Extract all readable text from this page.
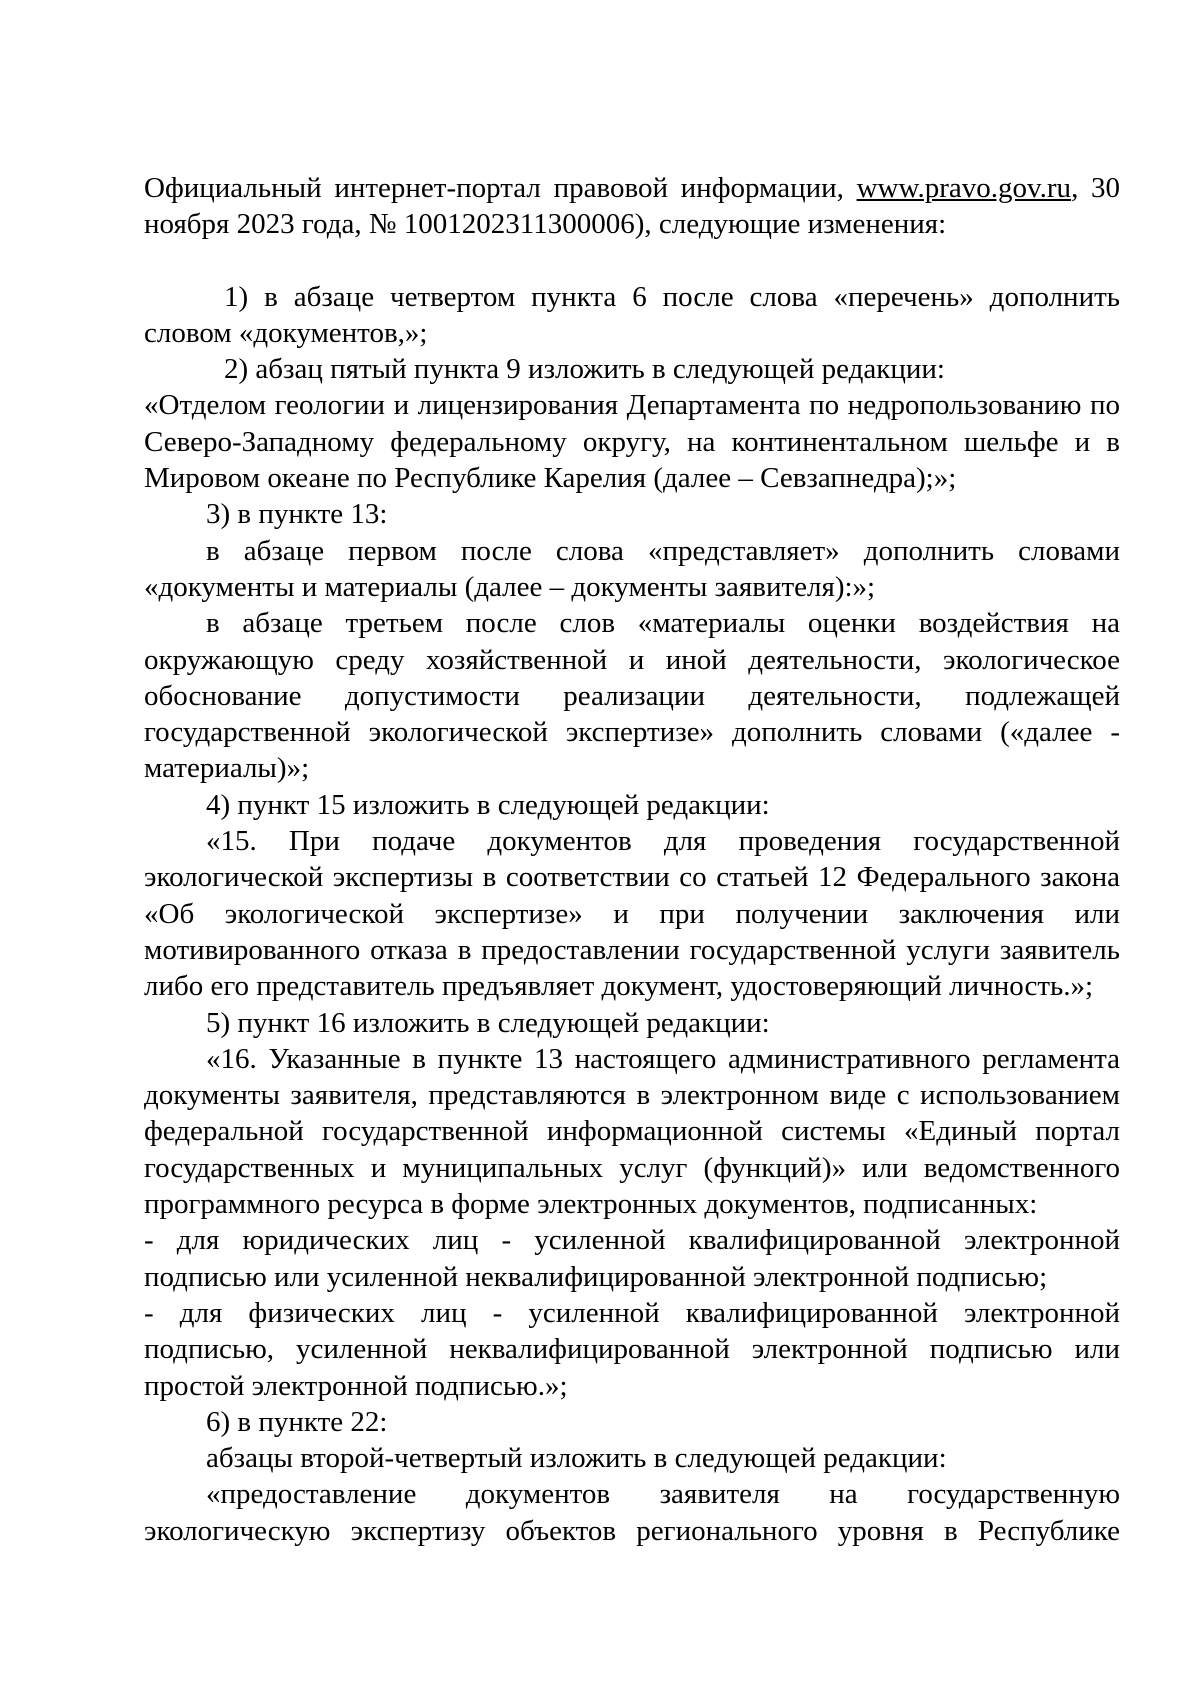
Официальный интернет-портал правовой информации, www.pravo.gov.ru, 30

ноября 2023 года, № 1001202311300006), следующие изменения:

1) в абзаце четвертом пункта 6 после слова «перечень» дополнить словом «документов,»;

2) абзац пятый пункта 9 изложить в следующей редакции:

«Отделом геологии и лицензирования Департамента по недропользованию по Северо-Западному федеральному округу, на континентальном шельфе и в Мировом океане по Республике Карелия (далее – Севзапнедра);»;

3) в пункте 13:

в абзаце первом после слова «представляет» дополнить словами «документы и материалы (далее – документы заявителя):»;

в абзаце третьем после слов «материалы оценки воздействия на окружающую среду хозяйственной и иной деятельности, экологическое обоснование допустимости реализации деятельности, подлежащей государственной экологической экспертизе» дополнить словами («далее - материалы)»;

4) пункт 15 изложить в следующей редакции:

«15. При подаче документов для проведения государственной экологической экспертизы в соответствии со статьей 12 Федерального закона «Об экологической экспертизе» и при получении заключения или мотивированного отказа в предоставлении государственной услуги заявитель либо его представитель предъявляет документ, удостоверяющий личность.»;

5) пункт 16 изложить в следующей редакции:

«16. Указанные в пункте 13 настоящего административного регламента документы заявителя, представляются в электронном виде с использованием федеральной государственной информационной системы «Единый портал

государственных и муниципальных услуг (функций)» или ведомственного программного ресурса в форме электронных документов, подписанных:

- для юридических лиц - усиленной квалифицированной электронной подписью или усиленной неквалифицированной электронной подписью;

- для физических лиц - усиленной квалифицированной электронной подписью, усиленной неквалифицированной электронной подписью или простой электронной подписью.»;

6) в пункте 22:

абзацы второй-четвертый изложить в следующей редакции:

«предоставление документов заявителя на государственную экологическую экспертизу объектов регионального уровня в Республике
